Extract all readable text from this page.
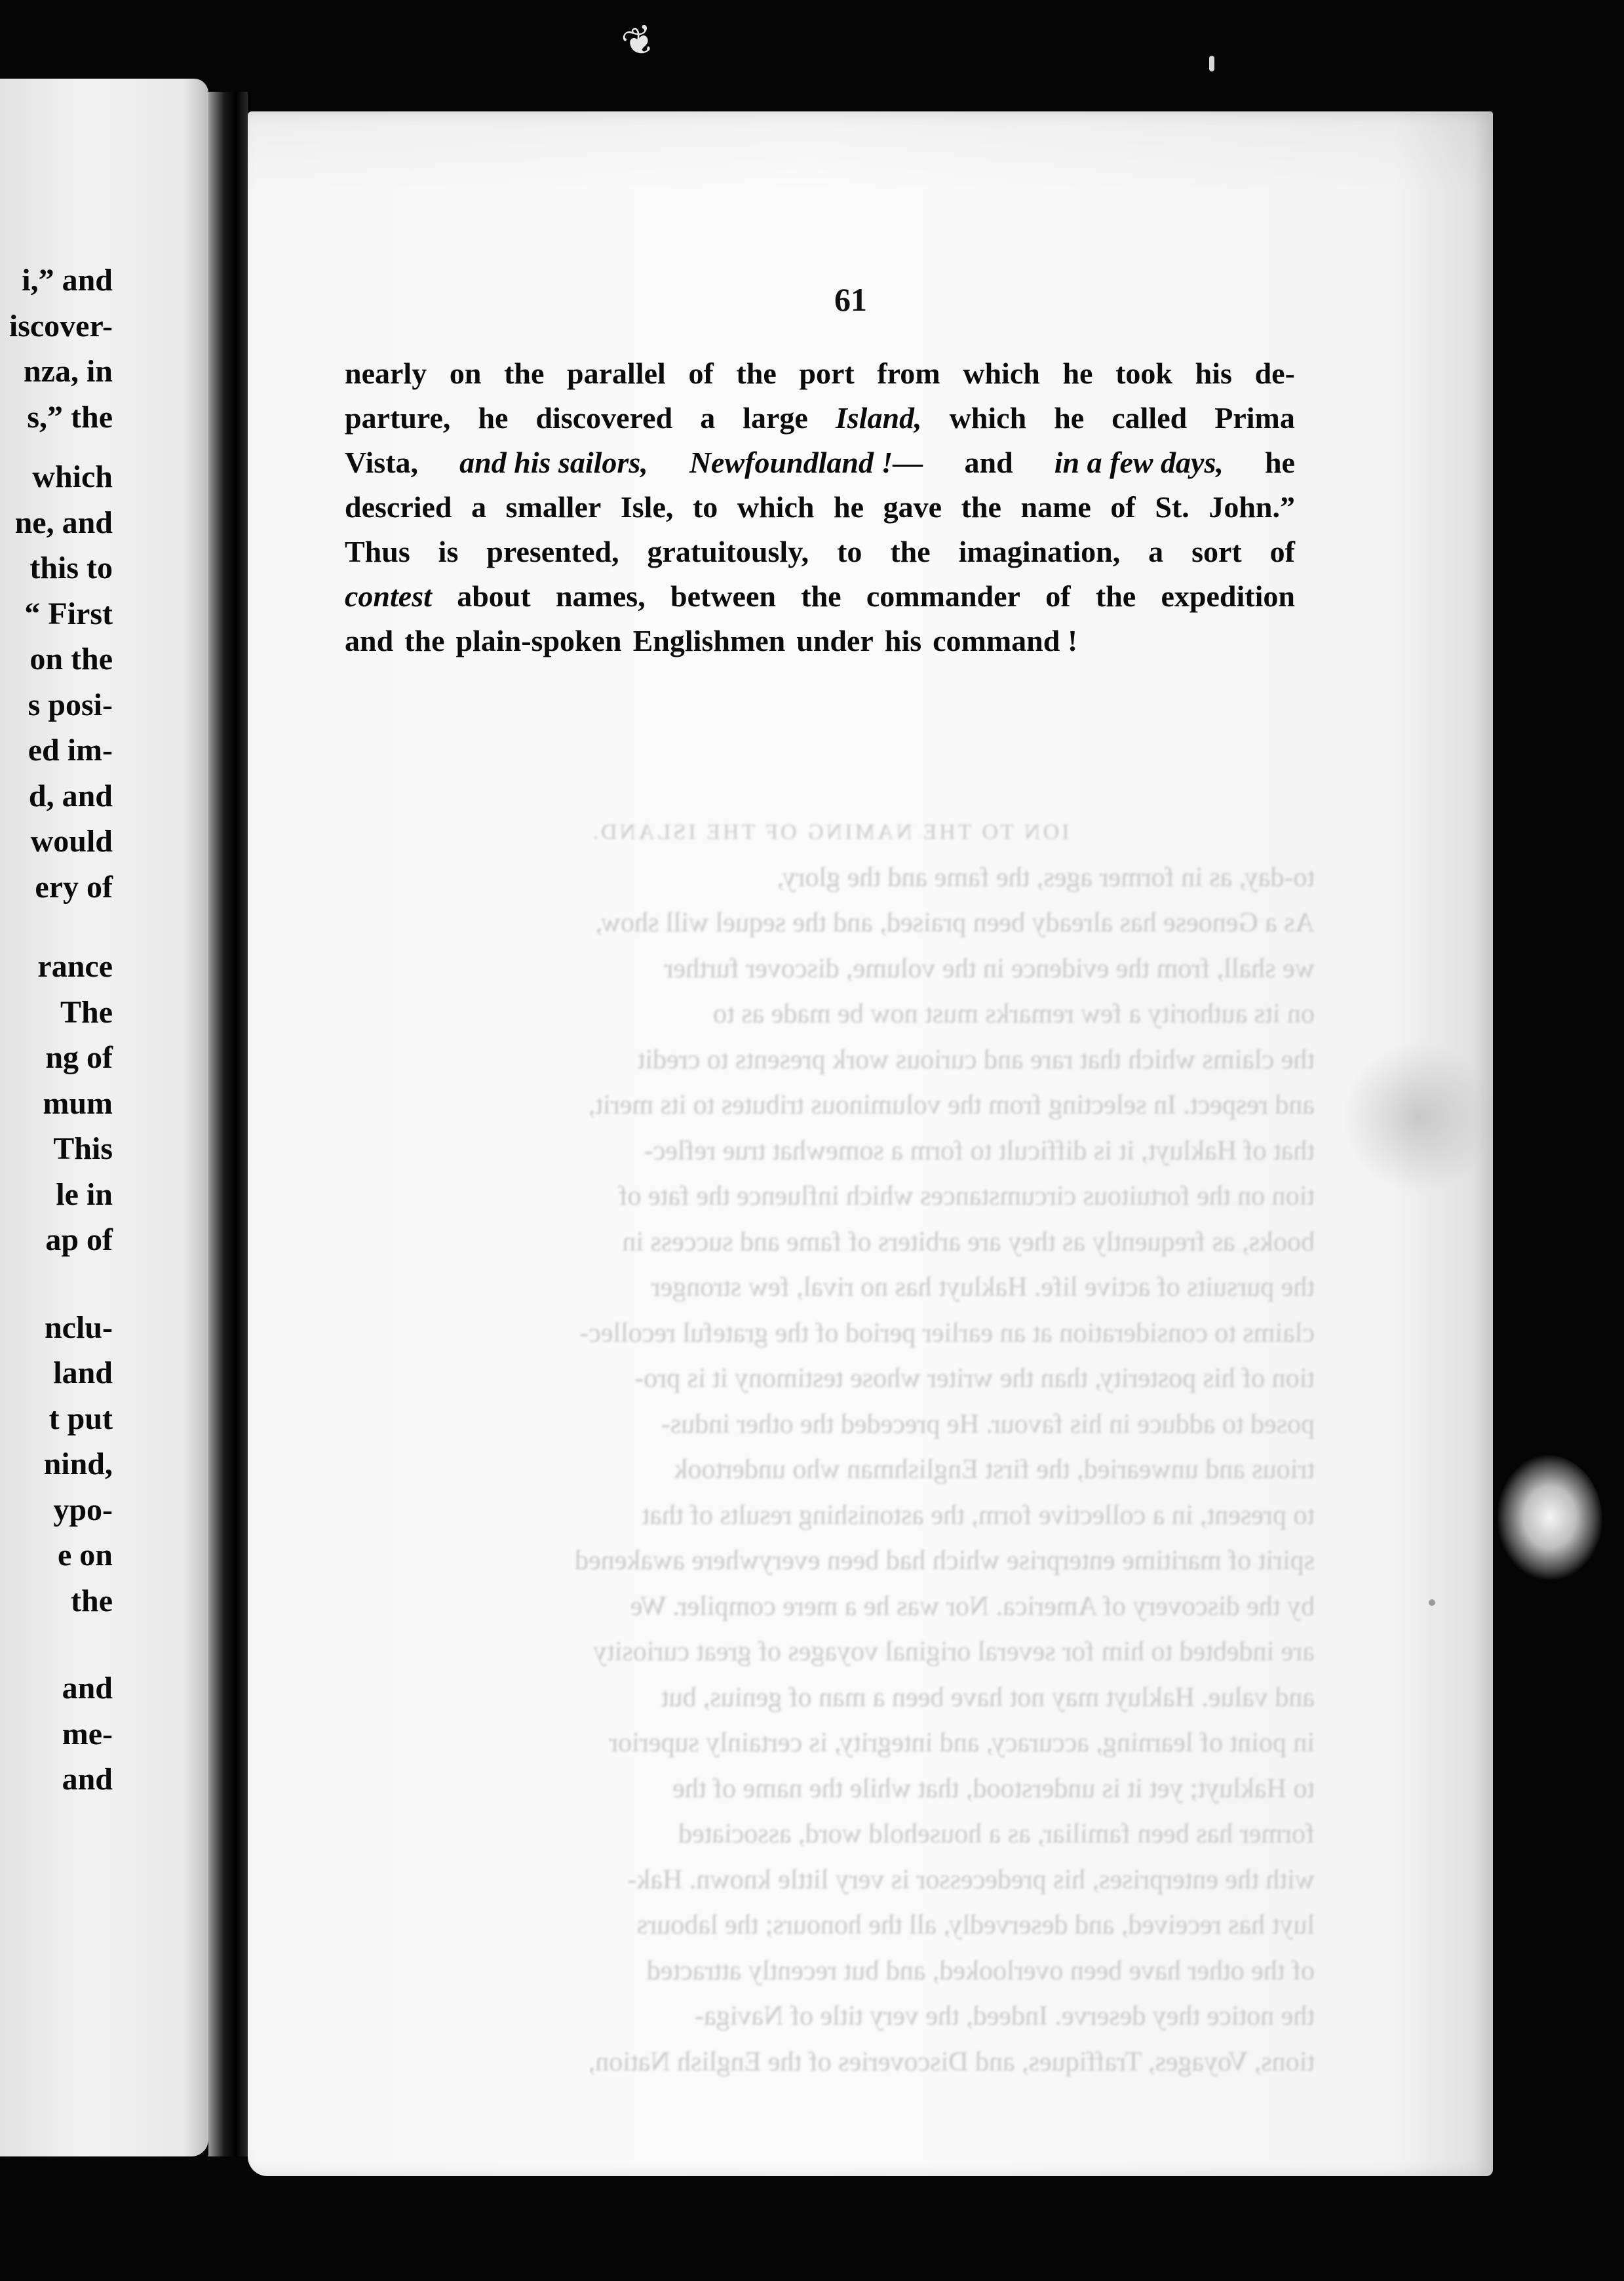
i,” and
iscover-
nza, in
s,” the
which
ne, and
this to
“ First
on the
s posi-
ed im-
d, and
would
ery of
rance
The
ng of
mum
This
le in
ap of
nclu-
land
t put
nind,
ypo-
e on
the
and
me-
and
61
ION TO THE NAMING OF THE ISLAND.
to-day, as in former ages, the fame and the glory,
As a Genoese has already been praised, and the sequel will show,
we shall, from the evidence in the volume, discover further
on its authority a few remarks must now be made as to
the claims which that rare and curious work presents to credit
and respect. In selecting from the voluminous tributes to its merit,
that of Hakluyt, it is difficult to form a somewhat true reflec-
tion on the fortuitous circumstances which influence the fate of
books, as frequently as they are arbiters of fame and success in
the pursuits of active life. Hakluyt has no rival, few stronger
claims to consideration at an earlier period of the grateful recollec-
tion of his posterity, than the writer whose testimony it is pro-
posed to adduce in his favour. He preceded the other indus-
trious and unwearied, the first Englishman who undertook
to present, in a collective form, the astonishing results of that
spirit of maritime enterprise which had been everywhere awakened
by the discovery of America. Nor was he a mere compiler. We
are indebted to him for several original voyages of great curiosity
and value. Hakluyt may not have been a man of genius, but
in point of learning, accuracy, and integrity, is certainly superior
to Hakluyt; yet it is understood, that while the name of the
former has been familiar, as a household word, associated
with the enterprises, his predecessor is very little known. Hak-
luyt has received, and deservedly, all the honours; the labours
of the other have been overlooked, and but recently attracted
the notice they deserve. Indeed, the very title of Naviga-
tions, Voyages, Traffiques, and Discoveries of the English Nation,
nearly on the parallel of the port from which he took his de-
parture, he discovered a large Island, which he called Prima
Vista, and his sailors, Newfoundland !— and in a few days, he
descried a smaller Isle, to which he gave the name of St. John.”
Thus is presented, gratuitously, to the imagination, a sort of
contest about names, between the commander of the expedition
and the plain-spoken Englishmen under his command !
❦
